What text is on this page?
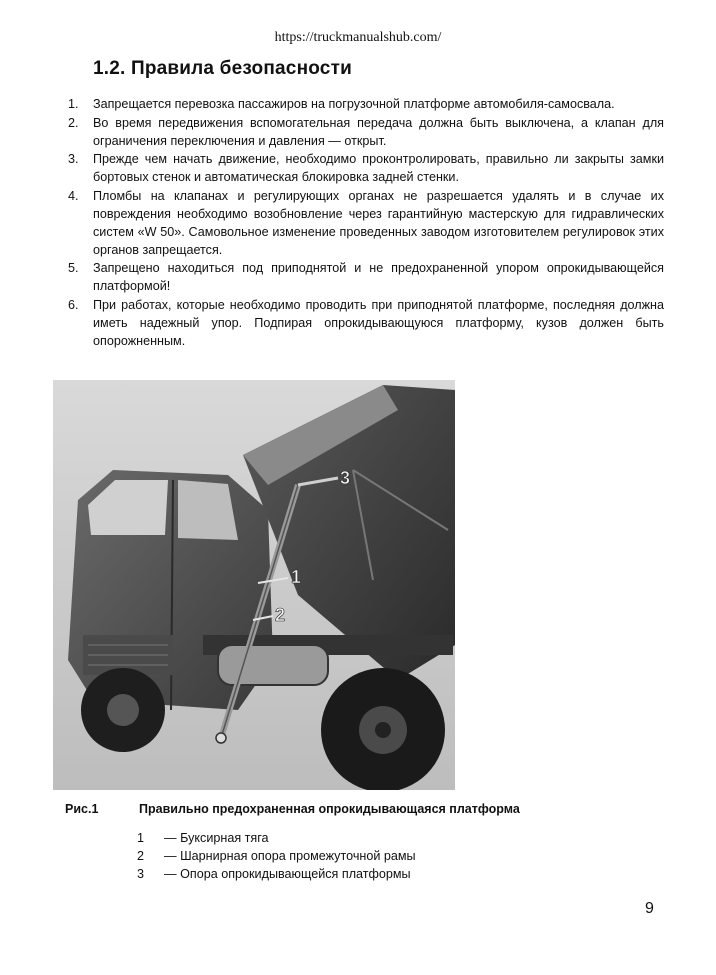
https://truckmanualshub.com/
1.2. Правила безопасности
1. Запрещается перевозка пассажиров на погрузочной платформе автомобиля-самосвала.
2. Во время передвижения вспомогательная передача должна быть выключена, а клапан для ограничения переключения и давления — открыт.
3. Прежде чем начать движение, необходимо проконтролировать, правильно ли закрыты замки бортовых стенок и автоматическая блокировка задней стенки.
4. Пломбы на клапанах и регулирующих органах не разрешается удалять и в случае их повреждения необходимо возобновление через гарантийную мастерскую для гидравлических систем «W 50». Самовольное изменение проведенных заводом изготовителем регулировок этих органов запрещается.
5. Запрещено находиться под приподнятой и не предохраненной упором опрокидывающейся платформой!
6. При работах, которые необходимо проводить при приподнятой платформе, последняя должна иметь надежный упор. Подпирая опрокидывающуюся платформу, кузов должен быть опорожненным.
3
1
2
Рис.1	Правильно предохраненная опрокидывающаяся платформа
1 — Буксирная тяга
2 — Шарнирная опора промежуточной рамы
3 — Опора опрокидывающейся платформы
9
